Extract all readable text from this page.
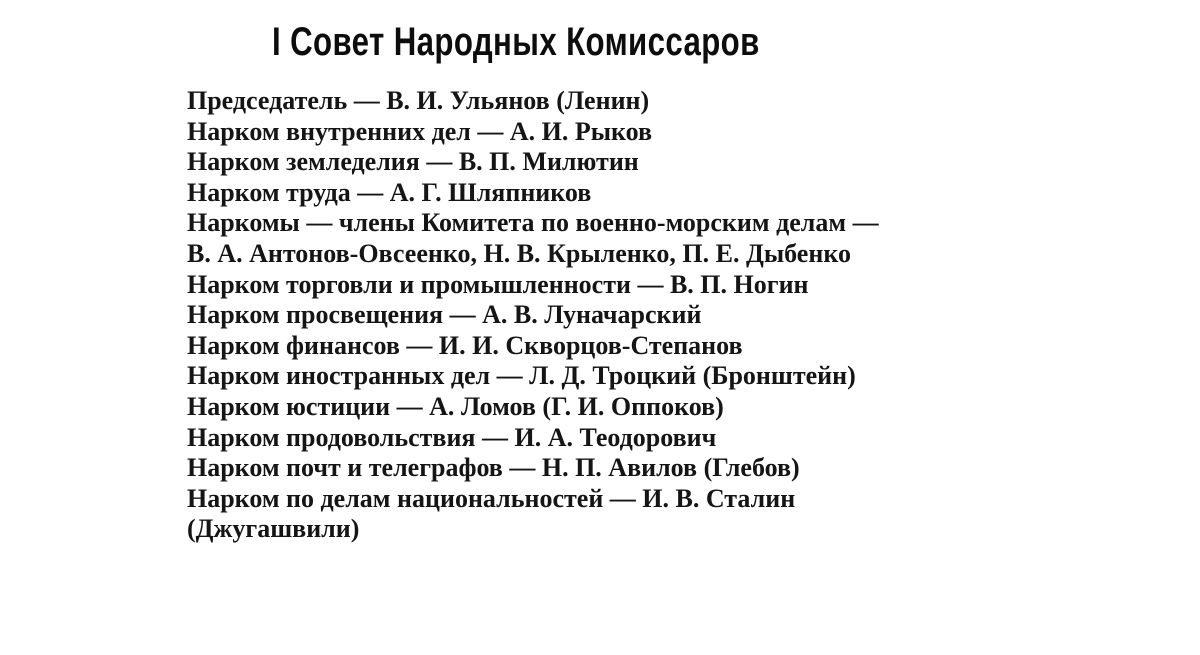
I Совет Народных Комиссаров
Председатель — В. И. Ульянов (Ленин)
Нарком внутренних дел — А. И. Рыков
Нарком земледелия — В. П. Милютин
Нарком труда — А. Г. Шляпников
Наркомы — члены Комитета по военно-морским делам —
В. А. Антонов-Овсеенко, Н. В. Крыленко, П. Е. Дыбенко
Нарком торговли и промышленности — В. П. Ногин
Нарком просвещения — А. В. Луначарский
Нарком финансов — И. И. Скворцов-Степанов
Нарком иностранных дел — Л. Д. Троцкий (Бронштейн)
Нарком юстиции — А. Ломов (Г. И. Оппоков)
Нарком продовольствия — И. А. Теодорович
Нарком почт и телеграфов — Н. П. Авилов (Глебов)
Нарком по делам национальностей — И. В. Сталин
(Джугашвили)
